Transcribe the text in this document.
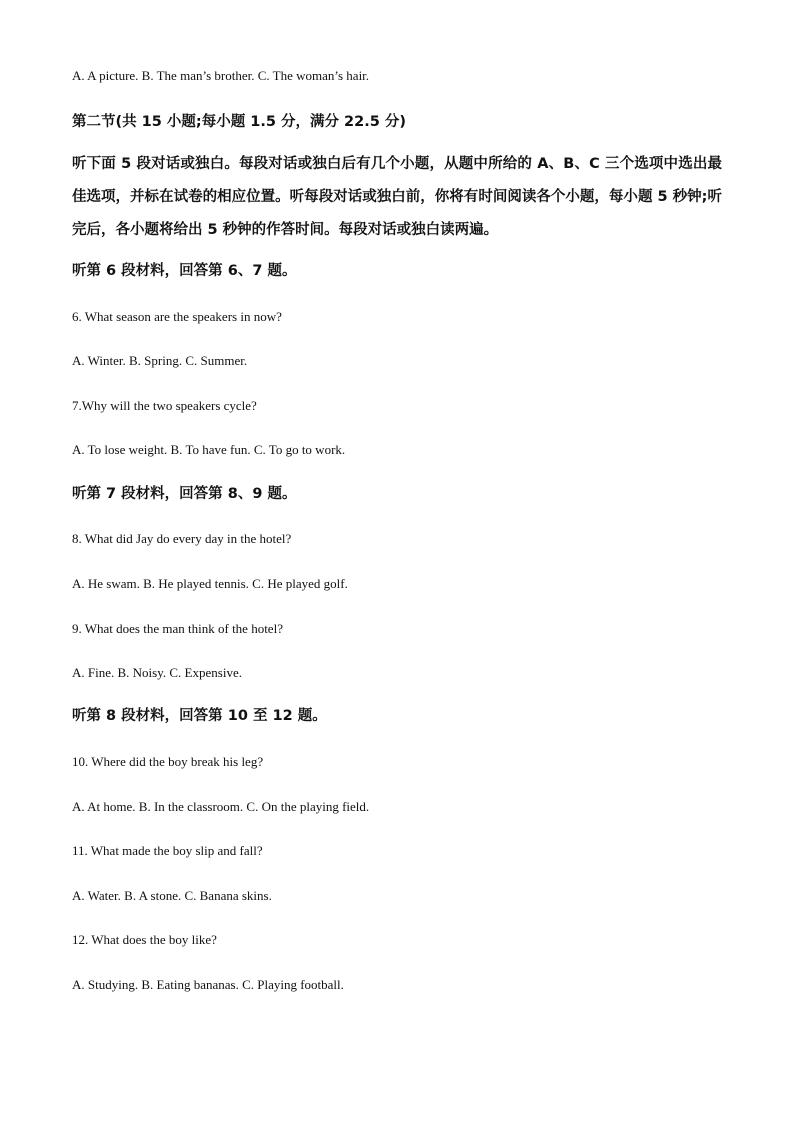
A. A picture. B. The man’s brother. C. The woman’s hair.
第二节(共 15 小题;每小题 1.5 分，满分 22.5 分)
听下面 5 段对话或独白。每段对话或独白后有几个小题，从题中所给的 A、B、C 三个选项中选出最佳选项，并标在试卷的相应位置。听每段对话或独白前，你将有时间阅读各个小题，每小题 5 秒钟;听完后，各小题将给出 5 秒钟的作答时间。每段对话或独白读两遍。
听第 6 段材料，回答第 6、7 题。
6. What season are the speakers in now?
A. Winter. B. Spring. C. Summer.
7.Why will the two speakers cycle?
A. To lose weight. B. To have fun. C. To go to work.
听第 7 段材料，回答第 8、9 题。
8. What did Jay do every day in the hotel?
A. He swam. B. He played tennis. C. He played golf.
9. What does the man think of the hotel?
A. Fine. B. Noisy. C. Expensive.
听第 8 段材料，回答第 10 至 12 题。
10. Where did the boy break his leg?
A. At home. B. In the classroom. C. On the playing field.
11. What made the boy slip and fall?
A. Water. B. A stone. C. Banana skins.
12. What does the boy like?
A. Studying. B. Eating bananas. C. Playing football.
